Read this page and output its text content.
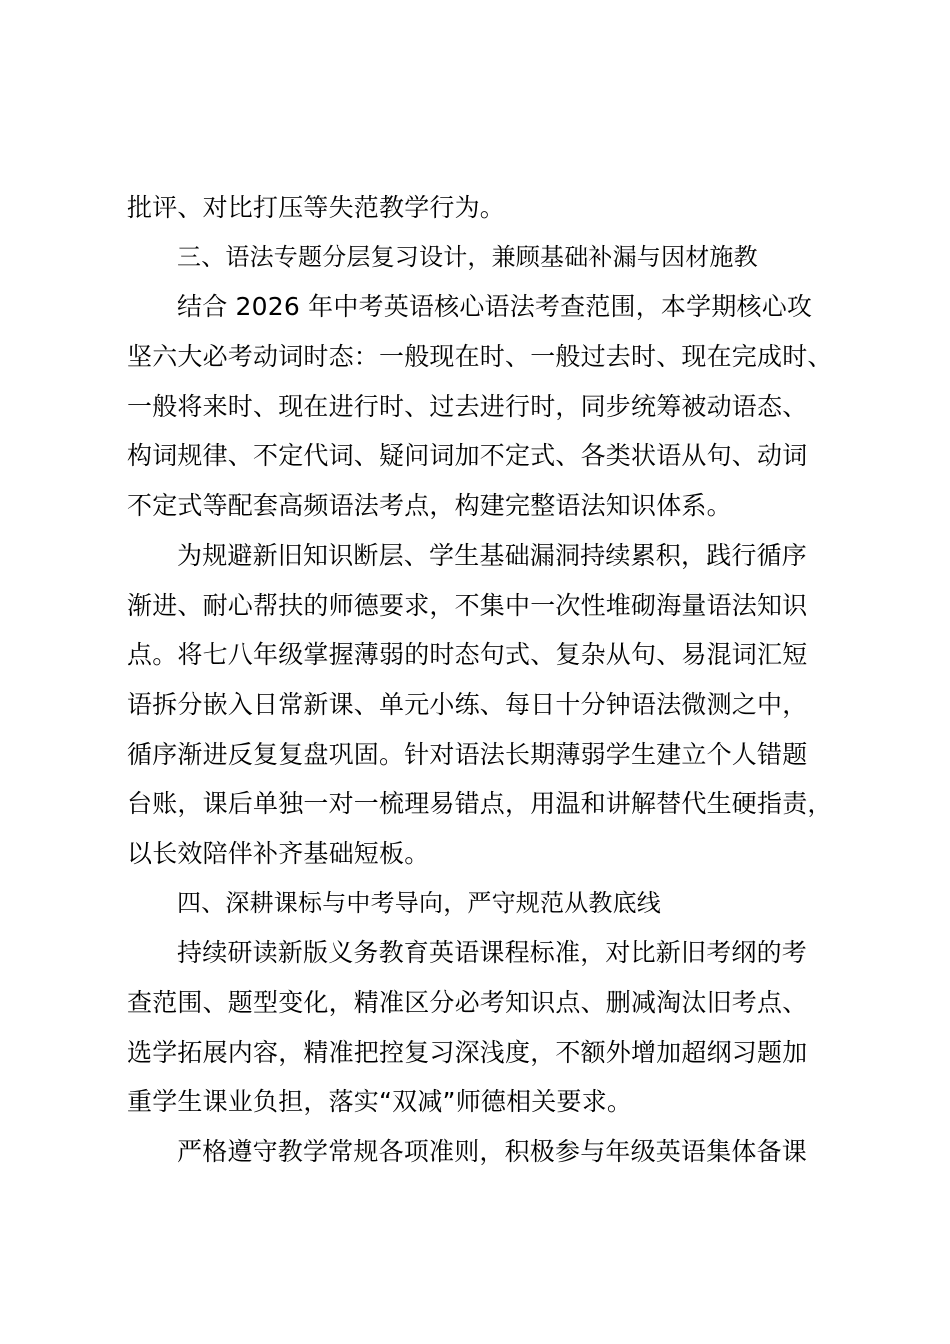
批评、对比打压等失范教学行为。
三、语法专题分层复习设计，兼顾基础补漏与因材施教
结合 2026 年中考英语核心语法考查范围，本学期核心攻
坚六大必考动词时态：一般现在时、一般过去时、现在完成时、
一般将来时、现在进行时、过去进行时，同步统筹被动语态、
构词规律、不定代词、疑问词加不定式、各类状语从句、动词
不定式等配套高频语法考点，构建完整语法知识体系。
为规避新旧知识断层、学生基础漏洞持续累积，践行循序
渐进、耐心帮扶的师德要求，不集中一次性堆砌海量语法知识
点。将七八年级掌握薄弱的时态句式、复杂从句、易混词汇短
语拆分嵌入日常新课、单元小练、每日十分钟语法微测之中，
循序渐进反复复盘巩固。针对语法长期薄弱学生建立个人错题
台账，课后单独一对一梳理易错点，用温和讲解替代生硬指责，
以长效陪伴补齐基础短板。
四、深耕课标与中考导向，严守规范从教底线
持续研读新版义务教育英语课程标准，对比新旧考纲的考
查范围、题型变化，精准区分必考知识点、删减淘汰旧考点、
选学拓展内容，精准把控复习深浅度，不额外增加超纲习题加
重学生课业负担，落实“双减”师德相关要求。
严格遵守教学常规各项准则，积极参与年级英语集体备课
